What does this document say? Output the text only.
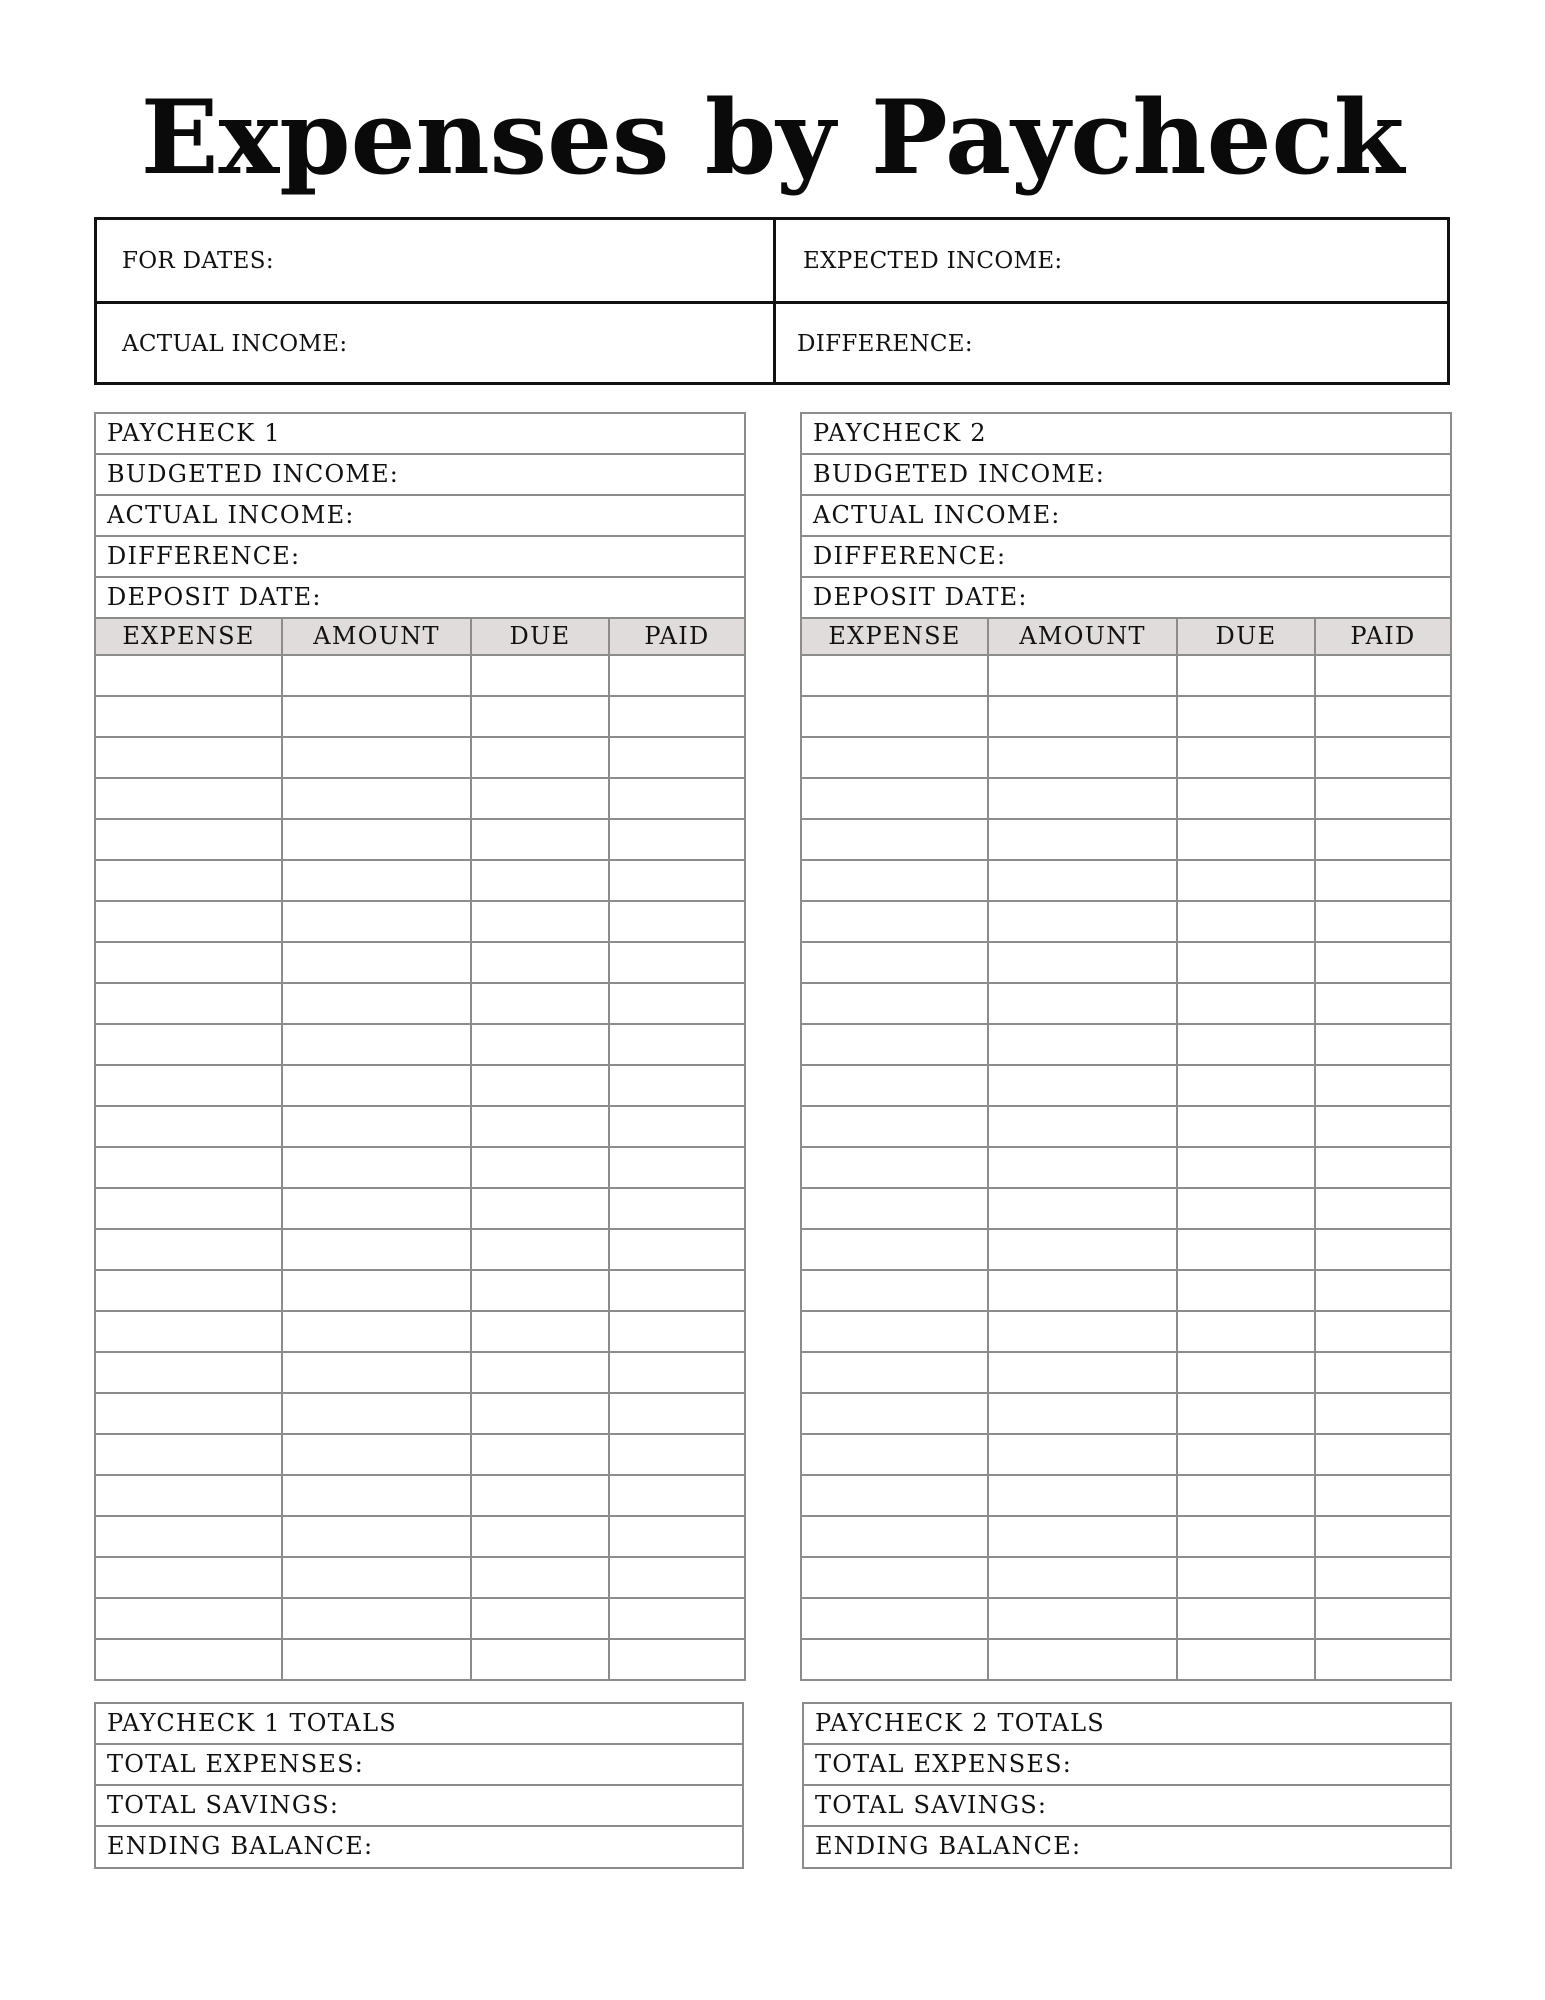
Expenses by Paycheck
FOR DATES:	EXPECTED INCOME:
ACTUAL INCOME:	DIFFERENCE:
PAYCHECK 1
BUDGETED INCOME:
ACTUAL INCOME:
DIFFERENCE:
DEPOSIT DATE:
EXPENSE	AMOUNT	DUE	PAID
PAYCHECK 2
BUDGETED INCOME:
ACTUAL INCOME:
DIFFERENCE:
DEPOSIT DATE:
EXPENSE	AMOUNT	DUE	PAID
PAYCHECK 1 TOTALS
TOTAL EXPENSES:
TOTAL SAVINGS:
ENDING BALANCE:
PAYCHECK 2 TOTALS
TOTAL EXPENSES:
TOTAL SAVINGS:
ENDING BALANCE:
